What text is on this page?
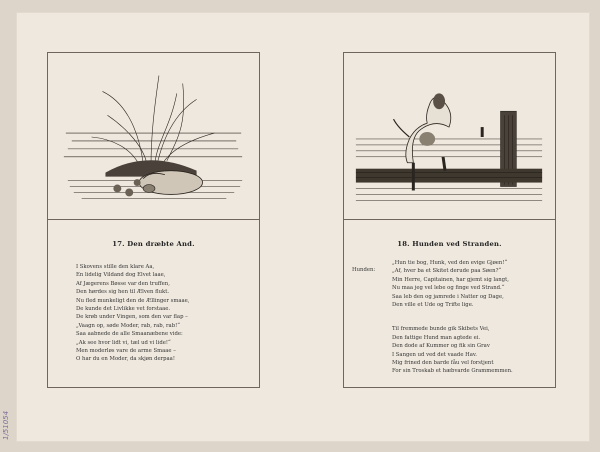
17. Den dræbte And.
I Skovens stille den klare Aa,
En lidelig Vildand dog Elvet laae,
Af Jægerens Bøsse var den truffen,
Den hørdes sig hen til Ælven flukt.
Nu fled munkeligt den de Ællinger smaae,
De kunde det Livlikke vet forstaae.
De krøb under Vingen, som den var flap –
„Vaagn op, søde Moder, rab, rab, rab!“
Saa aabnede de alle Smaanæbene vide:
„Ak see hvor lidt vi, tæl ud vi lide!“
Men moderløs vare de arme Smaae –
O har du en Moder, da skjøn derpaa!
18. Hunden ved Stranden.
Hunden:
„Hun tie bog, Hunk, ved den evige Gjøen!“
„Af, hver ba et Skitet derude paa Søen?“
Min Herre, Capitainen, har gjemt sig langt,
Nu maa jeg vel lebe og finge ved Strand.“
Saa leb den og jamrede i Natter og Dage,
Den ville et Ude og Trifte lige.
Til fremmede bunde gik Skibets Vei,
Den fattige Hund man agtede ei.
Den dode af Kummer og fik sin Grav
I Sangen ud ved det vaade Hav.
Mig frined den barde fåu vel forstjent
For sin Troskab et hæbvarde Grammemmen.
1/51054
